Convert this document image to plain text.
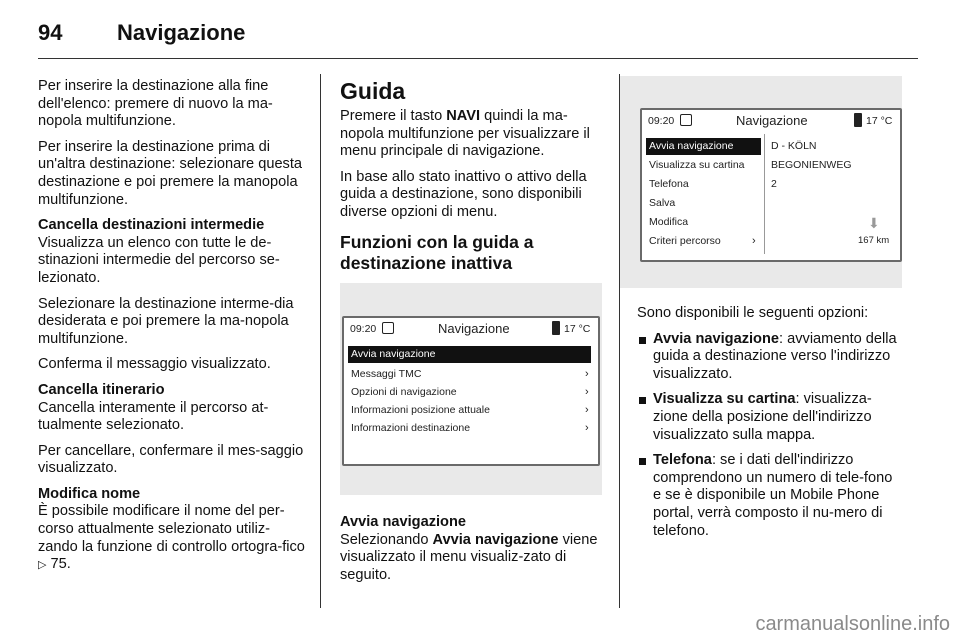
94 Navigazione

Per inserire la destinazione alla fine dell'elenco: premere di nuovo la ma-nopola multifunzione.

Per inserire la destinazione prima di un'altra destinazione: selezionare questa destinazione e poi premere la manopola multifunzione.

Cancella destinazioni intermedie

Visualizza un elenco con tutte le de-stinazioni intermedie del percorso se-lezionato.

Selezionare la destinazione interme-dia desiderata e poi premere la ma-nopola multifunzione.

Conferma il messaggio visualizzato.

Cancella itinerario

Cancella interamente il percorso at-tualmente selezionato.

Per cancellare, confermare il mes-saggio visualizzato.

Modifica nome

È possibile modificare il nome del per-corso attualmente selezionato utiliz-zando la funzione di controllo ortogra-fico ▷ 75.

Guida

Premere il tasto NAVI quindi la ma-nopola multifunzione per visualizzare il menu principale di navigazione.

In base allo stato inattivo o attivo della guida a destinazione, sono disponibili diverse opzioni di menu.

Funzioni con la guida a destinazione inattiva
09:20	Navigazione	17 °C
Avvia navigazione
Messaggi TMC	›
Opzioni di navigazione	›
Informazioni posizione attuale	›
Informazioni destinazione	›
Avvia navigazione

Selezionando Avvia navigazione viene visualizzato il menu visualiz-zato di seguito.

09:20	Navigazione	17 °C
Avvia navigazione
Visualizza su cartina
Telefona
Salva
Modifica
Criteri percorso	›
D - KÖLN
BEGONIENWEG
2
⬇
167 km

Sono disponibili le seguenti opzioni:

Avvia navigazione: avviamento della guida a destinazione verso l'indirizzo visualizzato.
Visualizza su cartina: visualizza-zione della posizione dell'indirizzo visualizzato sulla mappa.
Telefona: se i dati dell'indirizzo comprendono un numero di tele-fono e se è disponibile un Mobile Phone portal, verrà composto il nu-mero di telefono.
carmanualsonline.info
